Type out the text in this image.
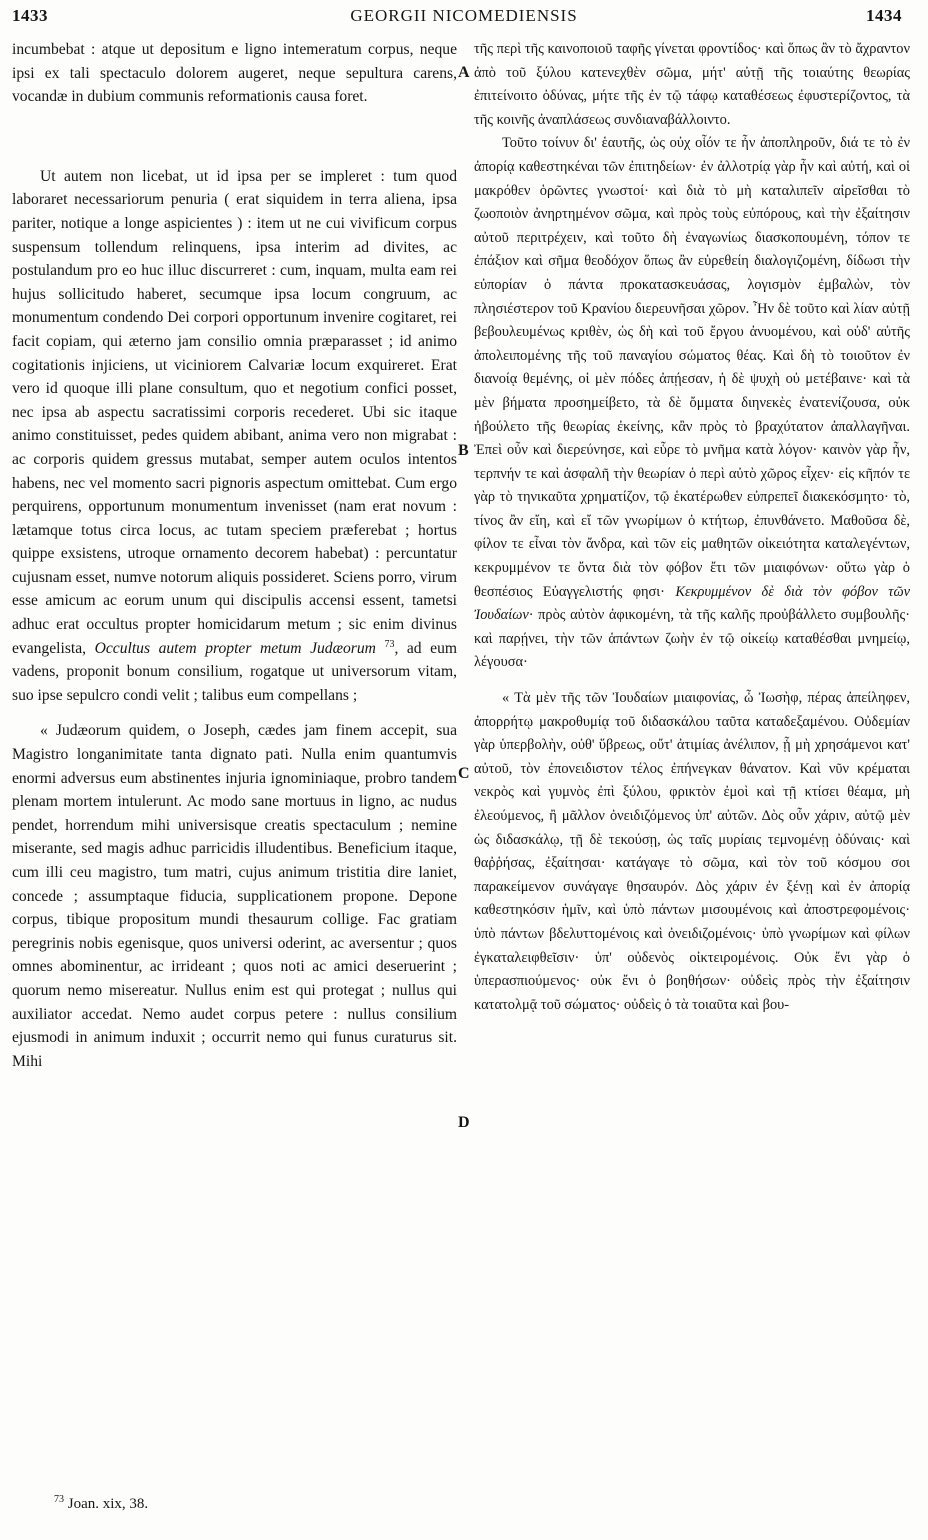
1433	GEORGII NICOMEDIENSIS	1434

incumbebat : atque ut depositum e ligno intemeratum corpus, neque ipsi ex tali spectaculo dolorem augeret, neque sepultura carens, vocandæ in dubium communis reformationis causa foret.

Ut autem non licebat, ut id ipsa per se impleret : tum quod laboraret necessariorum penuria ( erat siquidem in terra aliena, ipsa pariter, notique a longe aspicientes ) : item ut ne cui vivificum corpus suspensum tollendum relinquens, ipsa interim ad divites, ac postulandum pro eo huc illuc discurreret : cum, inquam, multa eam rei hujus sollicitudo haberet, secumque ipsa locum congruum, ac monumentum condendo Dei corpori opportunum invenire cogitaret, rei facit copiam, qui æterno jam consilio omnia præparasset ; id animo cogitationis injiciens, ut viciniorem Calvariæ locum exquireret. Erat vero id quoque illi plane consultum, quo et negotium confici posset, nec ipsa ab aspectu sacratissimi corporis recederet. Ubi sic itaque animo constituisset, pedes quidem abibant, anima vero non migrabat : ac corporis quidem gressus mutabat, semper autem oculos intentos habens, nec vel momento sacri pignoris aspectum omittebat. Cum ergo perquirens, opportunum monumentum invenisset (nam erat novum : lætamque totus circa locus, ac tutam speciem præferebat ; hortus quippe exsistens, utroque ornamento decorem habebat) : percuntatur cujusnam esset, numve notorum aliquis possideret. Sciens porro, virum esse amicum ac eorum unum qui discipulis accensi essent, tametsi adhuc erat occultus propter homicidarum metum ; sic enim divinus evangelista, Occultus autem propter metum Judæorum $^{73}$, ad eum vadens, proponit bonum consilium, rogatque ut universorum vitam, suo ipse sepulcro condi velit ; talibus eum compellans ;

« Judæorum quidem, o Joseph, cædes jam finem accepit, sua Magistro longanimitate tanta dignato pati. Nulla enim quantumvis enormi adversus eum abstinentes injuria ignominiaque, probro tandem plenam mortem intulerunt. Ac modo sane mortuus in ligno, ac nudus pendet, horrendum mihi universisque creatis spectaculum ; nemine miserante, sed magis adhuc parricidis illudentibus. Beneficium itaque, cum illi ceu magistro, tum matri, cujus animum tristitia dire laniet, concede ; assumptaque fiducia, supplicationem propone. Depone corpus, tibique propositum mundi thesaurum collige. Fac gratiam peregrinis nobis egenisque, quos universi oderint, ac aversentur ; quos omnes abominentur, ac irrideant ; quos noti ac amici deseruerint ; quorum nemo misereatur. Nullus enim est qui protegat ; nullus qui auxiliator accedat. Nemo audet corpus petere : nullus consilium ejusmodi in animum induxit ; occurrit nemo qui funus curaturus sit. Mihi

A
B
C
D

τῆς περὶ τῆς καινοποιοῦ ταφῆς γίνεται φροντίδος· καὶ ὅπως ἂν τὸ ἄχραντον ἀπὸ τοῦ ξύλου κατενεχθὲν σῶμα, μήτ' αὐτῇ τῆς τοιαύτης θεωρίας ἐπιτείνοιτο ὀδύνας, μήτε τῆς ἐν τῷ τάφῳ καταθέσεως ἐφυστερίζοντος, τὰ τῆς κοινῆς ἀναπλάσεως συνδιαναβάλλοιντο.

Τοῦτο τοίνυν δι' ἑαυτῆς, ὡς οὐχ οἷόν τε ἦν ἀποπληροῦν, διά τε τὸ ἐν ἀπορίᾳ καθεστηκέναι τῶν ἐπιτηδείων· ἐν ἀλλοτρίᾳ γὰρ ἦν καὶ αὐτή, καὶ οἱ μακρόθεν ὁρῶντες γνωστοί· καὶ διὰ τὸ μὴ καταλιπεῖν αἱρεῖσθαι τὸ ζωοποιὸν ἀνηρτημένον σῶμα, καὶ πρὸς τοὺς εὐπόρους, καὶ τὴν ἐξαίτησιν αὐτοῦ περιτρέχειν, καὶ τοῦτο δὴ ἐναγωνίως διασκοπουμένη, τόπον τε ἐπάξιον καὶ σῆμα θεοδόχον ὅπως ἂν εὑρεθείη διαλογιζομένη, δίδωσι τὴν εὐπορίαν ὁ πάντα προκατασκευάσας, λογισμὸν ἐμβαλὼν, τὸν πλησιέστερον τοῦ Κρανίου διερευνῆσαι χῶρον. Ἦν δὲ τοῦτο καὶ λίαν αὐτῇ βεβουλευμένως κριθὲν, ὡς δὴ καὶ τοῦ ἔργου ἀνυομένου, καὶ οὐδ' αὐτῆς ἀπολειπομένης τῆς τοῦ παναγίου σώματος θέας. Καὶ δὴ τὸ τοιοῦτον ἐν διανοίᾳ θεμένης, οἱ μὲν πόδες ἀπῄεσαν, ἡ δὲ ψυχὴ οὐ μετέβαινε· καὶ τὰ μὲν βήματα προσημείβετο, τὰ δὲ ὄμματα διηνεκὲς ἐνατενίζουσα, οὐκ ἠβούλετο τῆς θεωρίας ἐκείνης, κἂν πρὸς τὸ βραχύτατον ἀπαλλαγῆναι. Ἐπεὶ οὖν καὶ διερεύνησε, καὶ εὗρε τὸ μνῆμα κατὰ λόγον· καινὸν γὰρ ἦν, τερπνήν τε καὶ ἀσφαλῆ τὴν θεωρίαν ὁ περὶ αὐτὸ χῶρος εἶχεν· εἰς κῆπόν τε γὰρ τὸ τηνικαῦτα χρηματίζον, τῷ ἑκατέρωθεν εὐπρεπεῖ διακεκόσμητο· τὸ, τίνος ἂν εἴη, καὶ εἴ τῶν γνωρίμων ὁ κτήτωρ, ἐπυνθάνετο. Μαθοῦσα δὲ, φίλον τε εἶναι τὸν ἄνδρα, καὶ τῶν εἰς μαθητῶν οἰκειότητα καταλεγέντων, κεκρυμμένον τε ὄντα διὰ τὸν φόβον ἔτι τῶν μιαιφόνων· οὕτω γὰρ ὁ θεσπέσιος Εὐαγγελιστής φησι· Κεκρυμμένον δὲ διὰ τὸν φόβον τῶν Ἰουδαίων· πρὸς αὐτὸν ἀφικομένη, τὰ τῆς καλῆς προὐβάλλετο συμβουλῆς· καὶ παρῄνει, τὴν τῶν ἁπάντων ζωὴν ἐν τῷ οἰκείῳ καταθέσθαι μνημείῳ, λέγουσα·

« Τὰ μὲν τῆς τῶν Ἰουδαίων μιαιφονίας, ὦ Ἰωσὴφ, πέρας ἀπείληφεν, ἀπορρήτῳ μακροθυμίᾳ τοῦ διδασκάλου ταῦτα καταδεξαμένου. Οὐδεμίαν γὰρ ὑπερβολὴν, οὐθ' ὕβρεως, οὔτ' ἀτιμίας ἀνέλιπον, ᾗ μὴ χρησάμενοι κατ' αὐτοῦ, τὸν ἐπονειδιστον τέλος ἐπήνεγκαν θάνατον. Καὶ νῦν κρέμαται νεκρὸς καὶ γυμνὸς ἐπὶ ξύλου, φρικτὸν ἐμοὶ καὶ τῇ κτίσει θέαμα, μὴ ἐλεούμενος, ἢ μᾶλλον ὀνειδιζόμενος ὑπ' αὐτῶν. Δὸς οὖν χάριν, αὐτῷ μὲν ὡς διδασκάλῳ, τῇ δὲ τεκούσῃ, ὡς ταῖς μυρίαις τεμνομένῃ ὀδύναις· καὶ θαῤῥήσας, ἐξαίτησαι· κατάγαγε τὸ σῶμα, καὶ τὸν τοῦ κόσμου σοι παρακείμενον συνάγαγε θησαυρόν. Δὸς χάριν ἐν ξένῃ καὶ ἐν ἀπορίᾳ καθεστηκόσιν ἡμῖν, καὶ ὑπὸ πάντων μισουμένοις καὶ ἀποστρεφομένοις· ὑπὸ πάντων βδελυττομένοις καὶ ὀνειδιζομένοις· ὑπὸ γνωρίμων καὶ φίλων ἐγκαταλειφθεῖσιν· ὑπ' οὐδενὸς οἰκτειρομένοις. Οὐκ ἔνι γὰρ ὁ ὑπερασπιούμενος· οὐκ ἔνι ὁ βοηθήσων· οὐδεὶς πρὸς τὴν ἐξαίτησιν κατατολμᾷ τοῦ σώματος· οὐδεὶς ὁ τὰ τοιαῦτα καὶ βου-

$^{73}$ Joan. xix, 38.
